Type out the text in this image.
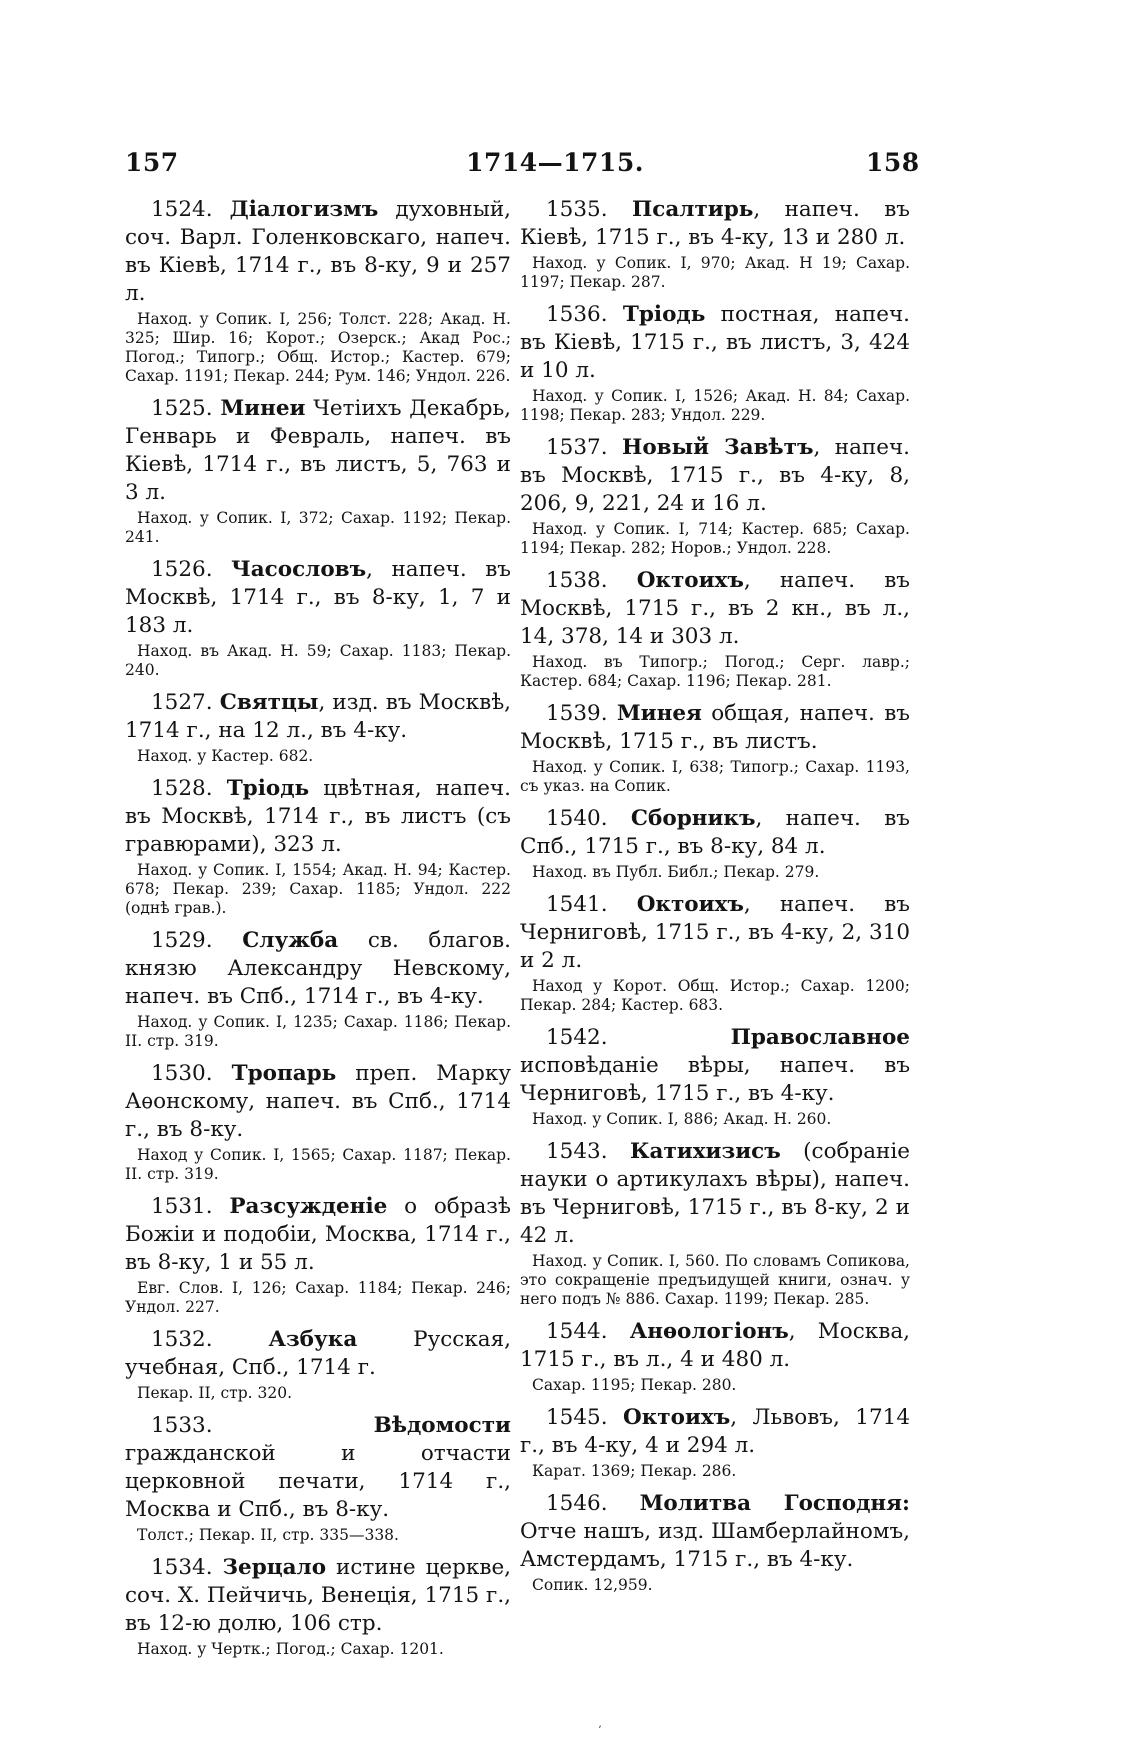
157	1714—1715.	158

1524. Діалогизмъ духовный, соч. Варл. Голенковскаго, напеч. въ Кіевѣ, 1714 г., въ 8-ку, 9 и 257 л.

Наход. у Сопик. I, 256; Толст. 228; Акад. Н. 325; Шир. 16; Корот.; Озерск.; Акад Рос.; Погод.; Типогр.; Общ. Истор.; Кастер. 679; Сахар. 1191; Пекар. 244; Рум. 146; Ундол. 226.

1525. Минеи Четіихъ Декабрь, Генварь и Февраль, напеч. въ Кіевѣ, 1714 г., въ листъ, 5, 763 и 3 л.

Наход. у Сопик. I, 372; Сахар. 1192; Пекар. 241.

1526. Часословъ, напеч. въ Москвѣ, 1714 г., въ 8-ку, 1, 7 и 183 л.

Наход. въ Акад. Н. 59; Сахар. 1183; Пекар. 240.

1527. Святцы, изд. въ Москвѣ, 1714 г., на 12 л., въ 4-ку.

Наход. у Кастер. 682.

1528. Тріодь цвѣтная, напеч. въ Москвѣ, 1714 г., въ листъ (съ гравюрами), 323 л.

Наход. у Сопик. I, 1554; Акад. Н. 94; Кастер. 678; Пекар. 239; Сахар. 1185; Ундол. 222 (однѣ грав.).

1529. Служба св. благов. князю Александру Невскому, напеч. въ Спб., 1714 г., въ 4-ку.

Наход. у Сопик. I, 1235; Сахар. 1186; Пекар. II. стр. 319.

1530. Тропарь преп. Марку Аѳонскому, напеч. въ Спб., 1714 г., въ 8-ку.

Наход у Сопик. I, 1565; Сахар. 1187; Пекар. II. стр. 319.

1531. Разсужденіе о образѣ Божіи и подобіи, Москва, 1714 г., въ 8-ку, 1 и 55 л.

Евг. Слов. I, 126; Сахар. 1184; Пекар. 246; Ундол. 227.

1532.	Азбука Русская, учебная, Спб., 1714 г.

Пекар. II, стр. 320.

1533.	Вѣдомости гражданской и отчасти церковной печати, 1714 г., Москва и Спб., въ 8-ку.

Толст.; Пекар. II, стр. 335—338.

1534. Зерцало истине церкве, соч. Х. Пейчичь, Венеція, 1715 г., въ 12-ю долю, 106 стр.

Наход. у Чертк.; Погод.; Сахар. 1201.

1535. Псалтирь, напеч. въ Кіевѣ, 1715 г., въ 4-ку, 13 и 280 л.

Наход. у Сопик. I, 970; Акад. Н 19; Сахар. 1197; Пекар. 287.

1536. Тріодь постная, напеч. въ Кіевѣ, 1715 г., въ листъ, 3, 424 и 10 л.

Наход. у Сопик. I, 1526; Акад. Н. 84; Сахар. 1198; Пекар. 283; Ундол. 229.

1537. Новый Завѣтъ, напеч. въ Москвѣ, 1715 г., въ 4-ку, 8, 206, 9, 221, 24 и 16 л.

Наход. у Сопик. I, 714; Кастер. 685; Сахар. 1194; Пекар. 282; Норов.; Ундол. 228.

1538. Октоихъ, напеч. въ Москвѣ, 1715 г., въ 2 кн., въ л., 14, 378, 14 и 303 л.

Наход. въ Типогр.; Погод.; Серг. лавр.; Кастер. 684; Сахар. 1196; Пекар. 281.

1539. Минея общая, напеч. въ Москвѣ, 1715 г., въ листъ.

Наход. у Сопик. I, 638; Типогр.; Сахар. 1193, съ указ. на Сопик.

1540. Сборникъ, напеч. въ Спб., 1715 г., въ 8-ку, 84 л.

Наход. въ Публ. Библ.; Пекар. 279.

1541. Октоихъ, напеч. въ Черниговѣ, 1715 г., въ 4-ку, 2, 310 и 2 л.

Наход у Корот. Общ. Истор.; Сахар. 1200; Пекар. 284; Кастер. 683.

1542.	Православное исповѣданіе вѣры, напеч. въ Черниговѣ, 1715 г., въ 4-ку.

Наход. у Сопик. I, 886; Акад. Н. 260.

1543. Катихизисъ (собраніе науки о артикулахъ вѣры), напеч. въ Черниговѣ, 1715 г., въ 8-ку, 2 и 42 л.

Наход. у Сопик. I, 560. По словамъ Сопикова, это сокращеніе предъидущей книги, означ. у него подъ № 886. Сахар. 1199; Пекар. 285.

1544. Анѳологіонъ, Москва, 1715 г., въ л., 4 и 480 л.

Сахар. 1195; Пекар. 280.

1545. Октоихъ, Львовъ, 1714 г., въ 4-ку, 4 и 294 л.

Карат. 1369; Пекар. 286.

1546. Молитва Господня: Отче нашъ, изд. Шамберлайномъ, Амстердамъ, 1715 г., въ 4-ку.

Сопик. 12,959.

ʼ
